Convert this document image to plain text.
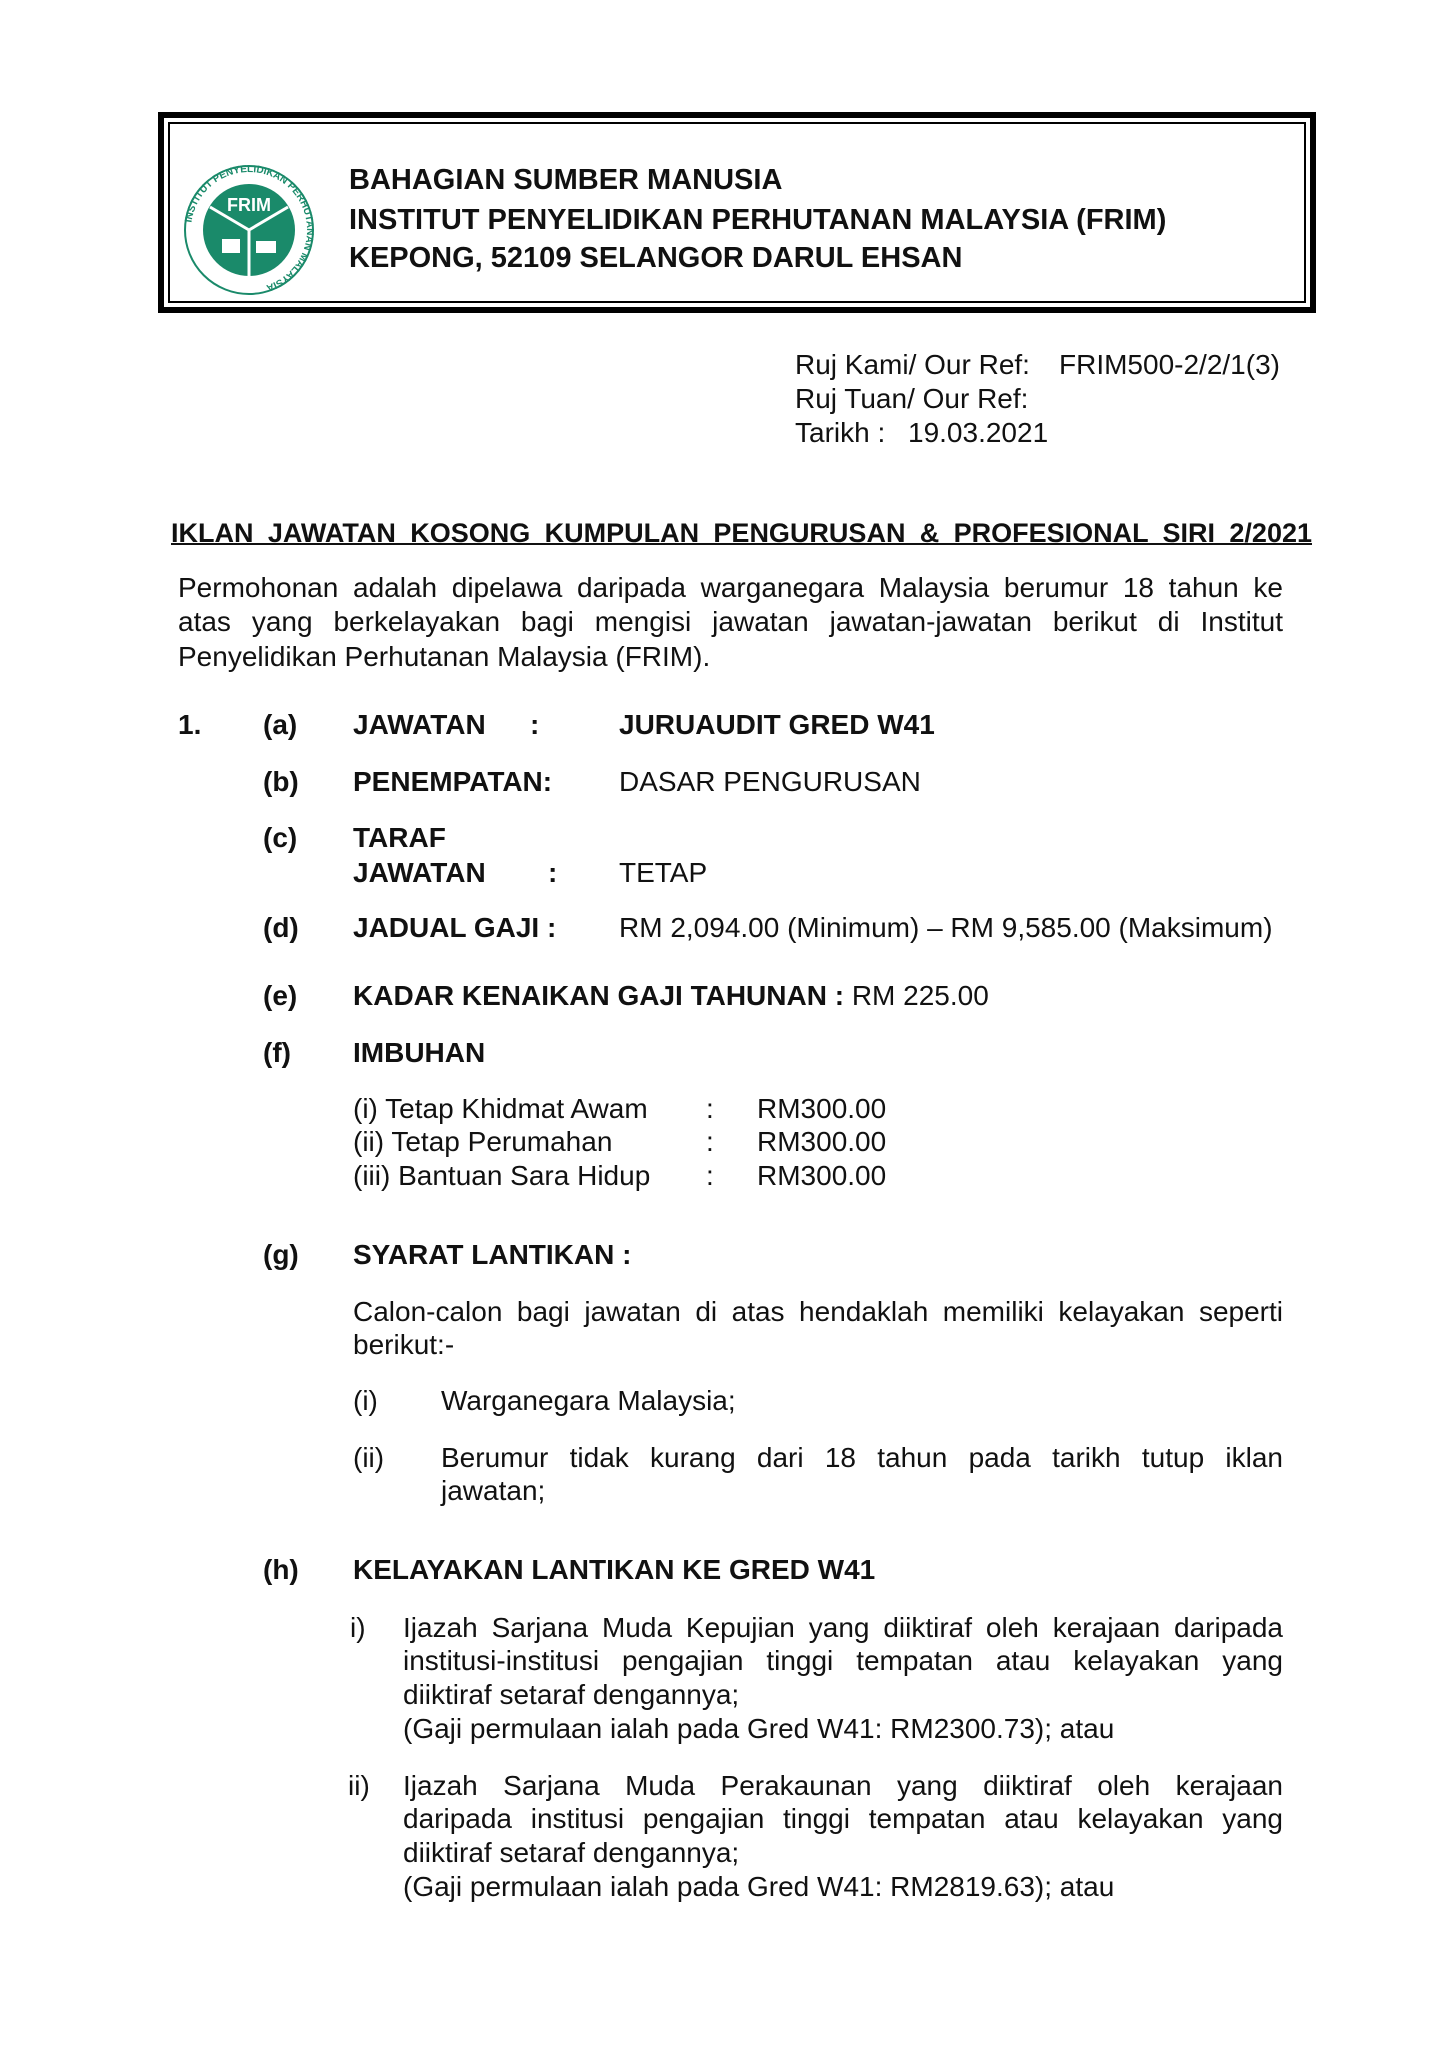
FRIM
INSTITUT PENYELIDIKAN PERHUTANAN MALAYSIA
BAHAGIAN SUMBER MANUSIA
INSTITUT PENYELIDIKAN PERHUTANAN MALAYSIA (FRIM)
KEPONG, 52109 SELANGOR DARUL EHSAN
Ruj Kami/ Our Ref: FRIM500-2/2/1(3)
Ruj Tuan/ Our Ref:
Tarikh : 19.03.2021
IKLAN JAWATAN KOSONG KUMPULAN PENGURUSAN & PROFESIONAL SIRI 2/2021
Permohonan adalah dipelawa daripada warganegara Malaysia berumur 18 tahun ke
atas yang berkelayakan bagi mengisi jawatan jawatan-jawatan berikut di Institut
Penyelidikan Perhutanan Malaysia (FRIM).
1. (a) JAWATAN :	JURUAUDIT GRED W41
(b) PENEMPATAN: DASAR PENGURUSAN
(c) TARAF
JAWATAN : TETAP
(d) JADUAL GAJI : RM 2,094.00 (Minimum) – RM 9,585.00 (Maksimum)
(e) KADAR KENAIKAN GAJI TAHUNAN : RM 225.00
(f) IMBUHAN
(i) Tetap Khidmat Awam : RM300.00
(ii) Tetap Perumahan	: RM300.00
(iii) Bantuan Sara Hidup : RM300.00
(g) SYARAT LANTIKAN :
Calon-calon bagi jawatan di atas hendaklah memiliki kelayakan seperti
berikut:-
(i) Warganegara Malaysia;
(ii) Berumur tidak kurang dari 18 tahun pada tarikh tutup iklan
jawatan;
(h) KELAYAKAN LANTIKAN KE GRED W41
i) Ijazah Sarjana Muda Kepujian yang diiktiraf oleh kerajaan daripada
institusi-institusi pengajian tinggi tempatan atau kelayakan yang
diiktiraf setaraf dengannya;
(Gaji permulaan ialah pada Gred W41: RM2300.73); atau
ii) Ijazah Sarjana Muda Perakaunan yang diiktiraf oleh kerajaan
daripada institusi pengajian tinggi tempatan atau kelayakan yang
diiktiraf setaraf dengannya;
(Gaji permulaan ialah pada Gred W41: RM2819.63); atau
